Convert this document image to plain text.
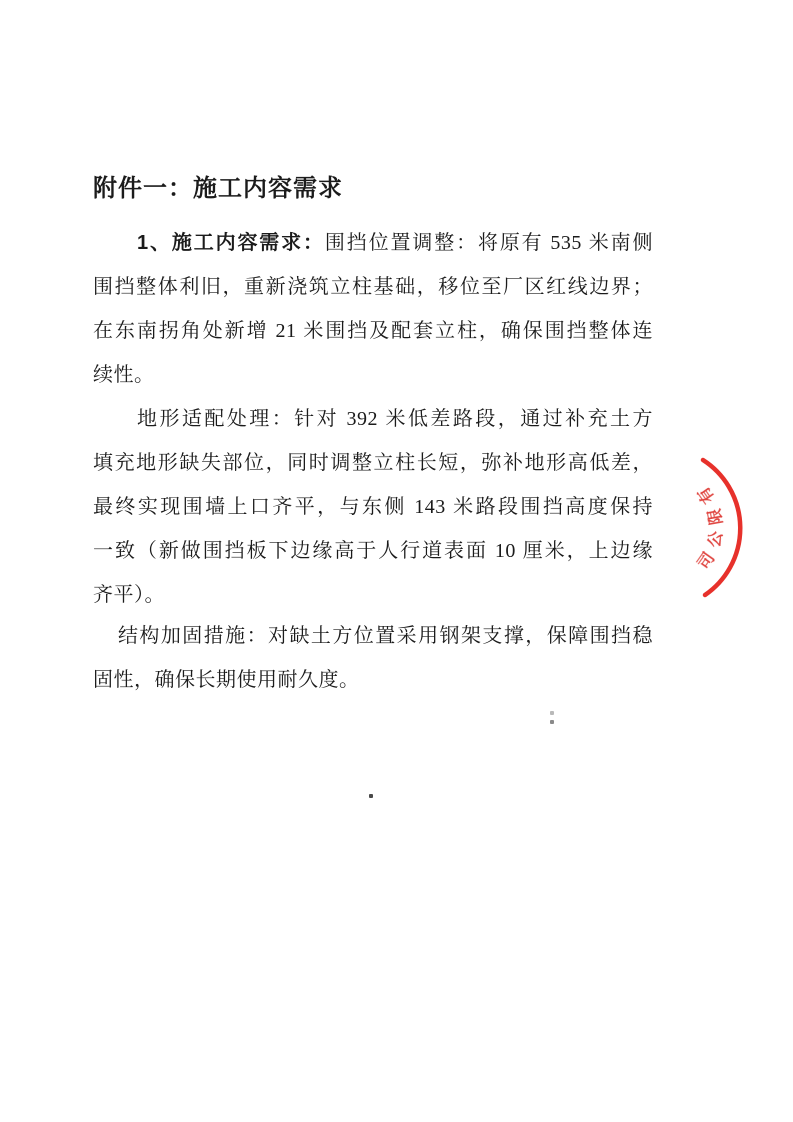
附件一：施工内容需求
1、施工内容需求：围挡位置调整：将原有 535 米南侧
围挡整体利旧，重新浇筑立柱基础，移位至厂区红线边界；
在东南拐角处新增 21 米围挡及配套立柱，确保围挡整体连
续性。
地形适配处理：针对 392 米低差路段，通过补充土方
填充地形缺失部位，同时调整立柱长短，弥补地形高低差，
最终实现围墙上口齐平，与东侧 143 米路段围挡高度保持
一致（新做围挡板下边缘高于人行道表面 10 厘米，上边缘
齐平）。
结构加固措施：对缺土方位置采用钢架支撑，保障围挡稳
固性，确保长期使用耐久度。
有
限
公
司
